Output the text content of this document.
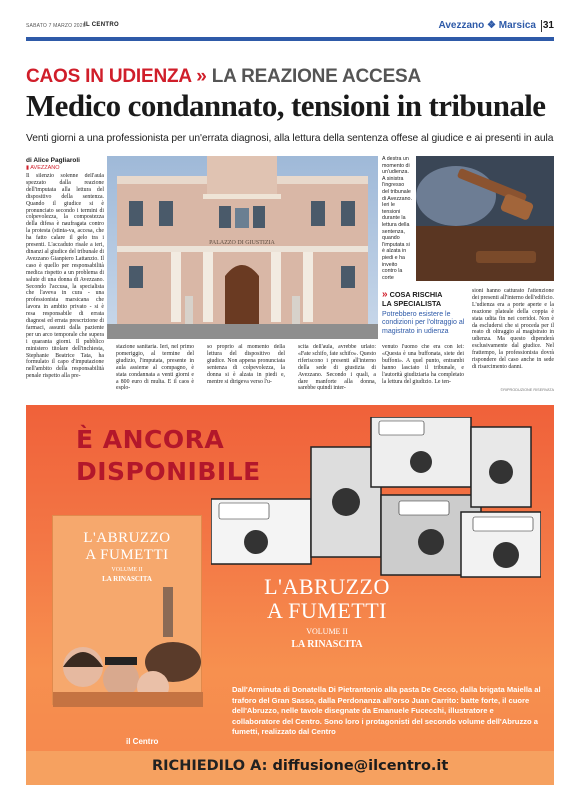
SABATO 7 MARZO 2026
IL CENTRO	Avezzano ❖ Marsica 31
CAOS IN UDIENZA » LA REAZIONE ACCESA
Medico condannato, tensioni in tribunale
Venti giorni a una professionista per un'errata diagnosi, alla lettura della sentenza offese al giudice e ai presenti in aula
di Alice Pagliaroli
▮ AVEZZANO
Il silenzio solenne dell'aula spezzato dalla reazione dell'imputata alla lettura del dispositivo della sentenza. Quando il giudice si è pronunciato secondo i termini di colpevolezza, la compostezza della difesa è naufragata contro la protesta (stinta-va, accesa, che ha fatto calare il gelo tra i presenti. L'accaduto risale a ieri, dinanzi al giudice del tribunale di Avezzano Gianpiero Lattanzio. Il caso è quello per responsabilità medica rispetto a un problema di salute di una donna di Avezzano. Secondo l'accusa, la specialista che l'aveva in cura - una professionista marsicana che lavora in ambito privato - si è resa responsabile di errata diagnosi ed errata prescrizione di farmaci, assunti dalla paziente per un arco temporale che supera i quaranta giorni. Il pubblico ministero titolare dell'inchiesta, Stephanie Beatrice Tata, ha formulato il capo d'imputazione nell'ambito della responsabilità penale rispetto alla pre-
stazione sanitaria. Ieri, nel primo pomeriggio, al termine del giudizio, l'imputata, presente in aula assieme al compagno, è stata condannata a venti giorni e a 800 euro di multa. E il caos è esplo-
so proprio al momento della lettura del dispositivo del giudice. Non appena pronunciata sentenza di colpevolezza, la donna si è alzata in piedi e, mentre si dirigeva verso l'u-
scita dell'aula, avrebbe urlato: «Fate schifo, fate schifo». Questo riferiscono i presenti all'interno della sede di giustizia di Avezzano. Secondo i quali, a dare manforte alla donna, sarebbe quindi inter-
venuto l'uomo che era con lei: «Questa è una buffonata, siete dei buffoni». A quel punto, entrambi hanno lasciato il tribunale, e l'autorità giudiziaria ha completato la lettura del giudizio. Le ten-
sioni hanno catturato l'attenzione dei presenti all'interno dell'edificio. L'udienza era a porte aperte e la reazione plateale della coppia è stata udita fin nei corridoi. Non è da escludersi che si proceda per il reato di oltraggio al magistrato in udienza. Ma questo dipenderà esclusivamente dal giudice. Nel frattempo, la professionista dovrà rispondere del caso anche in sede di risarcimento danni.
PALAZZO DI GIUSTIZIA
A destra un momento di un'udienza. A sinistra l'ingresso del tribunale di Avezzano. Ieri le tensioni durante la lettura della sentenza, quando l'imputata si è alzata in piedi e ha inveito contro la corte
» COSA RISCHIA
LA SPECIALISTA
Potrebbero esistere le condizioni per l'oltraggio al magistrato in udienza
©RIPRODUZIONE RISERVATA
È ANCORA
DISPONIBILE
L'ABRUZZO
A FUMETTI
VOLUME II
LA RINASCITA
il Centro
L'ABRUZZO
A FUMETTI
VOLUME II
LA RINASCITA
Dall'Arminuta di Donatella Di Pietrantonio alla pasta De Cecco, dalla brigata Maiella al traforo del Gran Sasso, dalla Perdonanza all'orso Juan Carrito: batte forte, il cuore dell'Abruzzo, nelle tavole disegnate da Emanuele Fucecchi, illustratore e collaboratore del Centro. Sono loro i protagonisti del secondo volume dell'Abruzzo a fumetti, realizzato dal Centro
RICHIEDILO A: diffusione@ilcentro.it
